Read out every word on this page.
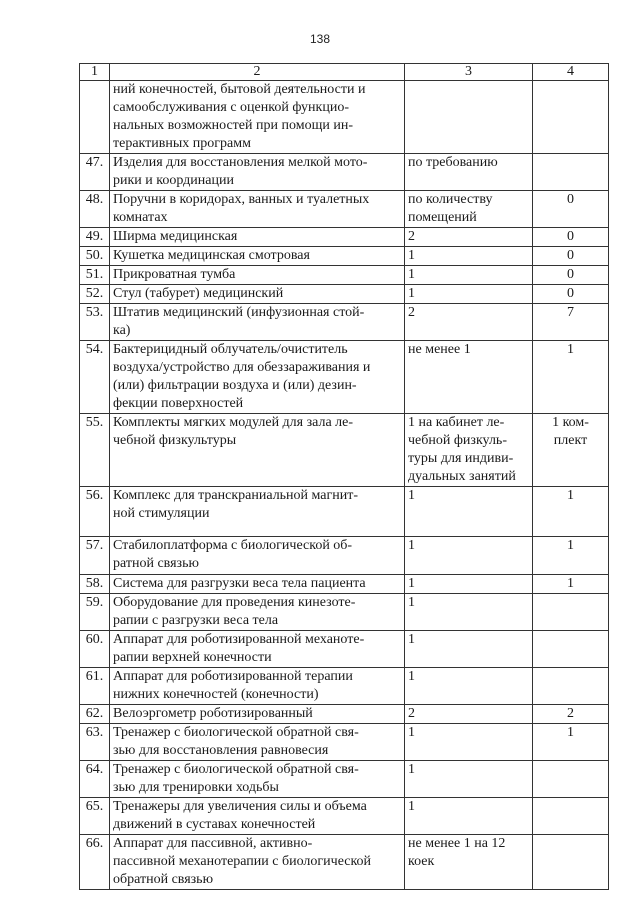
138
1	2	3	4

	ний конечностей, бытовой деятельности и
самообслуживания с оценкой функцио-
нальных возможностей при помощи ин-
терактивных программ		

47.	Изделия для восстановления мелкой мото-
рики и координации	по требованию	

48.	Поручни в коридорах, ванных и туалетных
комнатах	по количеству
помещений	0

49.	Ширма медицинская	2	0

50.	Кушетка медицинская смотровая	1	0

51.	Прикроватная тумба	1	0

52.	Стул (табурет) медицинский	1	0

53.	Штатив медицинский (инфузионная стой-
ка)	2	7

54.	Бактерицидный облучатель/очиститель
воздуха/устройство для обеззараживания и
(или) фильтрации воздуха и (или) дезин-
фекции поверхностей	не менее 1	1

55.	Комплекты мягких модулей для зала ле-
чебной физкультуры	1 на кабинет ле-
чебной физкуль-
туры для индиви-
дуальных занятий	1 ком-
плект

56.	Комплекс для транскраниальной магнит-
ной стимуляции	1	1

57.	Стабилоплатформа с биологической об-
ратной связью	1	1

58.	Система для разгрузки веса тела пациента	1	1

59.	Оборудование для проведения кинезоте-
рапии с разгрузки веса тела	1	

60.	Аппарат для роботизированной механоте-
рапии верхней конечности	1	

61.	Аппарат для роботизированной терапии
нижних конечностей (конечности)	1	

62.	Велоэргометр роботизированный	2	2

63.	Тренажер с биологической обратной свя-
зью для восстановления равновесия	1	1

64.	Тренажер с биологической обратной свя-
зью для тренировки ходьбы	1	

65.	Тренажеры для увеличения силы и объема
движений в суставах конечностей	1	

66.	Аппарат для пассивной, активно-
пассивной механотерапии с биологической
обратной связью	не менее 1 на 12
коек	
